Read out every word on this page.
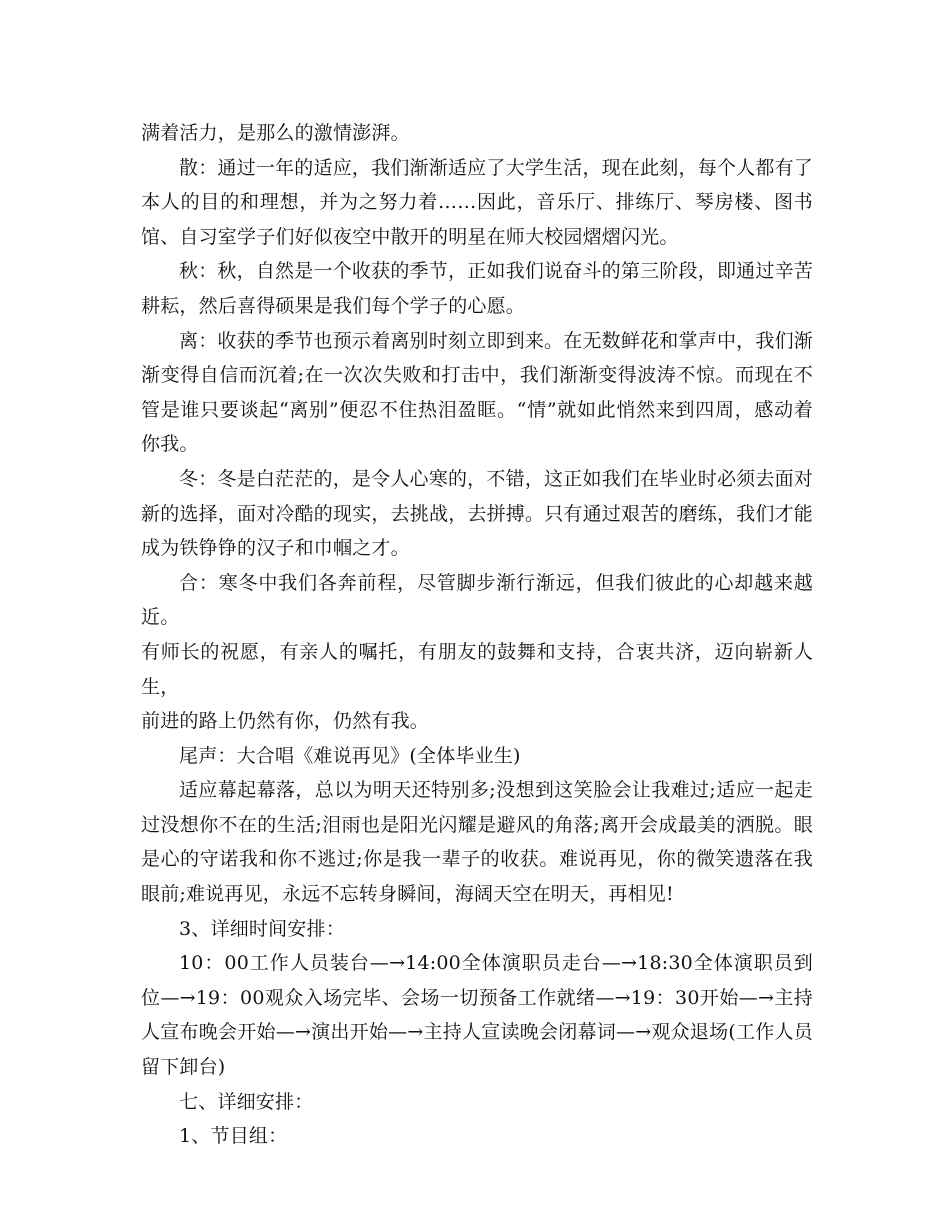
满着活力，是那么的激情澎湃。

散：通过一年的适应，我们渐渐适应了大学生活，现在此刻，每个人都有了本人的目的和理想，并为之努力着……因此，音乐厅、排练厅、琴房楼、图书馆、自习室学子们好似夜空中散开的明星在师大校园熠熠闪光。

秋：秋，自然是一个收获的季节，正如我们说奋斗的第三阶段，即通过辛苦耕耘，然后喜得硕果是我们每个学子的心愿。

离：收获的季节也预示着离别时刻立即到来。在无数鲜花和掌声中，我们渐渐变得自信而沉着;在一次次失败和打击中，我们渐渐变得波涛不惊。而现在不管是谁只要谈起“离别”便忍不住热泪盈眶。“情”就如此悄然来到四周，感动着你我。

冬：冬是白茫茫的，是令人心寒的，不错，这正如我们在毕业时必须去面对新的选择，面对冷酷的现实，去挑战，去拼搏。只有通过艰苦的磨练，我们才能成为铁铮铮的汉子和巾帼之才。

合：寒冬中我们各奔前程，尽管脚步渐行渐远，但我们彼此的心却越来越近。

有师长的祝愿，有亲人的嘱托，有朋友的鼓舞和支持，合衷共济，迈向崭新人生，

前进的路上仍然有你，仍然有我。

尾声：大合唱《难说再见》(全体毕业生)

适应幕起幕落，总以为明天还特别多;没想到这笑脸会让我难过;适应一起走过没想你不在的生活;泪雨也是阳光闪耀是避风的角落;离开会成最美的洒脱。眼是心的守诺我和你不逃过;你是我一辈子的收获。难说再见，你的微笑遗落在我眼前;难说再见，永远不忘转身瞬间，海阔天空在明天，再相见!

3、详细时间安排：

10：00工作人员装台—→14:00全体演职员走台—→18:30全体演职员到位—→19：00观众入场完毕、会场一切预备工作就绪—→19：30开始—→主持人宣布晚会开始—→演出开始—→主持人宣读晚会闭幕词—→观众退场(工作人员留下卸台)

七、详细安排：

1、节目组：
